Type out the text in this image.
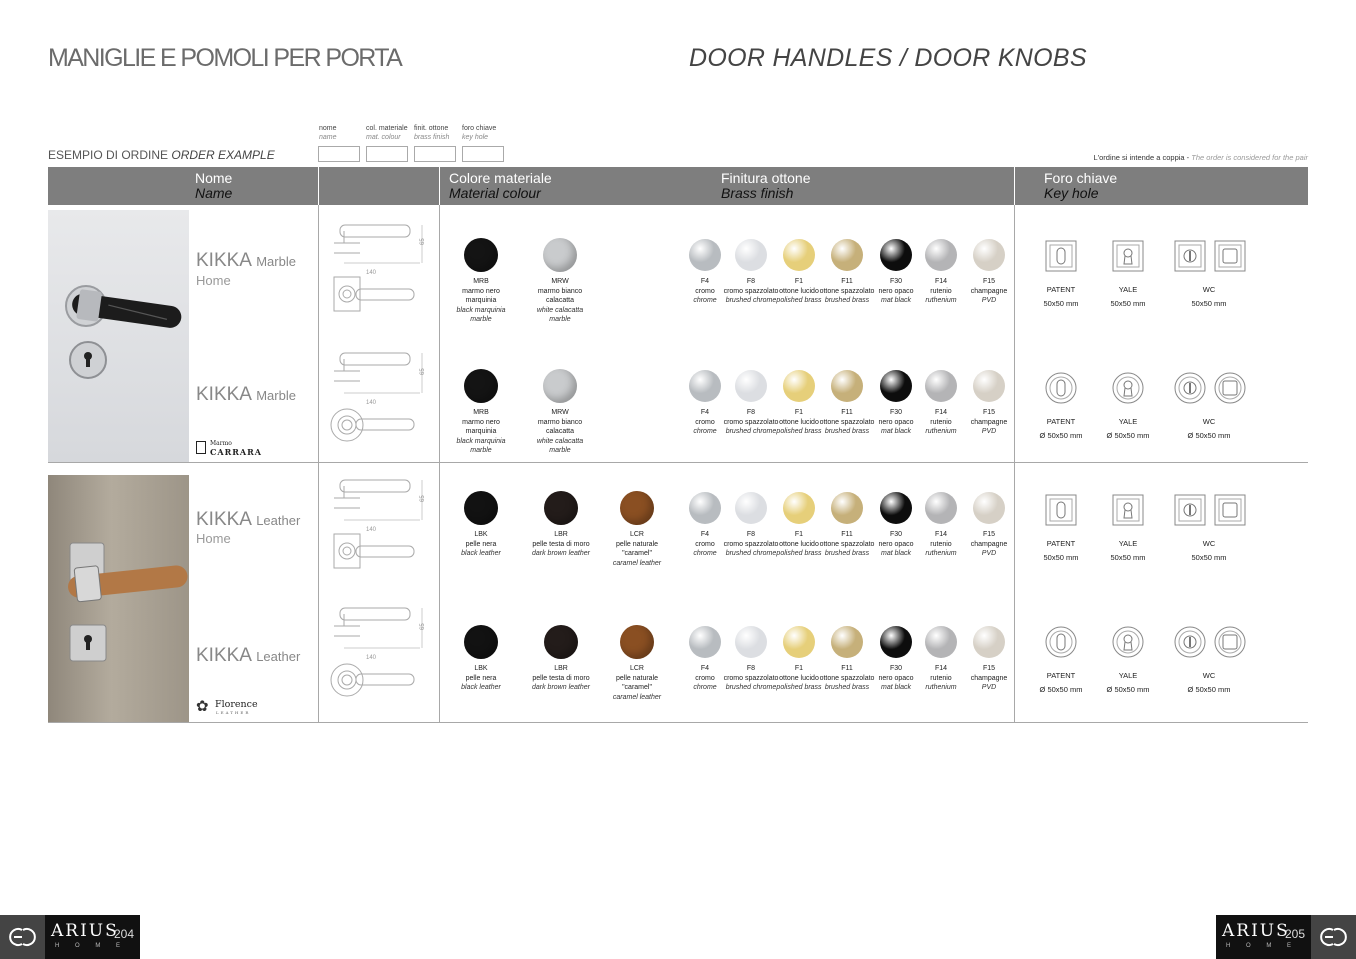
MANIGLIE E POMOLI PER PORTA	DOOR HANDLES / DOOR KNOBS
ESEMPIO DI ORDINE ORDER EXAMPLE
nome
name
col. materiale
mat. colour
finit. ottone
brass finish
foro chiave
key hole
L'ordine si intende a coppia - The order is considered for the pair
Nome
Name
Colore materiale
Material colour
Finitura ottone
Brass finish
Foro chiave
Key hole
KIKKA Marble
Home
KIKKA Marble
KIKKA Leather
Home
KIKKA Leather
Marmo
CARRARA
✿ Florence
LEATHER
140
65
140
65
140
65
140
65
MRB
marmo nero
marquinia
black marquinia
marble

MRW
marmo bianco
calacatta
white calacatta
marble

F4
cromo
chrome

F8
cromo spazzolato
brushed chrome

F1
ottone lucido
polished brass

F11
ottone spazzolato
brushed brass

F30
nero opaco
mat black

F14
rutenio
ruthenium

F15
champagne
PVD

MRB
marmo nero
marquinia
black marquinia
marble

MRW
marmo bianco
calacatta
white calacatta
marble

F4
cromo
chrome

F8
cromo spazzolato
brushed chrome

F1
ottone lucido
polished brass

F11
ottone spazzolato
brushed brass

F30
nero opaco
mat black

F14
rutenio
ruthenium

F15
champagne
PVD

LBK
pelle nera
black leather

LBR
pelle testa di moro
dark brown leather

LCR
pelle naturale
"caramel"
caramel leather

F4
cromo
chrome

F8
cromo spazzolato
brushed chrome

F1
ottone lucido
polished brass

F11
ottone spazzolato
brushed brass

F30
nero opaco
mat black

F14
rutenio
ruthenium

F15
champagne
PVD

LBK
pelle nera
black leather

LBR
pelle testa di moro
dark brown leather

LCR
pelle naturale
"caramel"
caramel leather

F4
cromo
chrome

F8
cromo spazzolato
brushed chrome

F1
ottone lucido
polished brass

F11
ottone spazzolato
brushed brass

F30
nero opaco
mat black

F14
rutenio
ruthenium

F15
champagne
PVD

PATENT
50x50 mm
YALE
50x50 mm
WC
50x50 mm
PATENT
Ø 50x50 mm
YALE
Ø 50x50 mm
WC
Ø 50x50 mm
PATENT
50x50 mm
YALE
50x50 mm
WC
50x50 mm
PATENT
Ø 50x50 mm
YALE
Ø 50x50 mm
WC
Ø 50x50 mm
ARIUS
H O M E
204	ARIUS
H O M E
205
